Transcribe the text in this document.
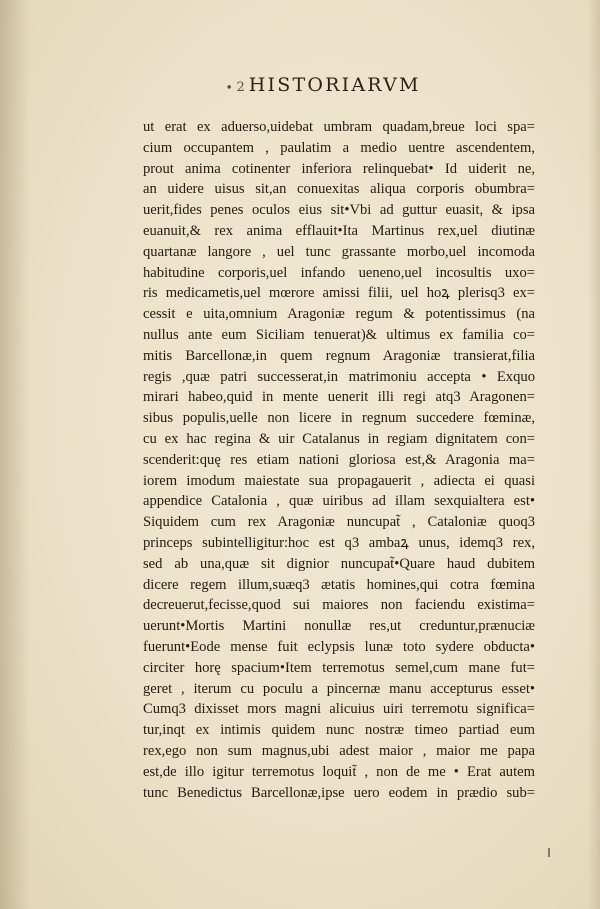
∙ 2 HISTORIARVM
ut erat ex aduerso,uidebat umbram quadam,breue loci spa=
cium occupantem , paulatim a medio uentre ascendentem,
prout anima cotinenter inferiora relinquebat• Id uiderit ne,
an uidere uisus sit,an conuexitas aliqua corporis obumbra=
uerit,fides penes oculos eius sit•Vbi ad guttur euasit, & ipsa
euanuit,& rex anima efflauit•Ita Martinus rex,uel diutinæ
quartanæ langore , uel tunc grassante morbo,uel incomoda
habitudine corporis,uel infando ueneno,uel incosultis uxo=
ris medicametis,uel mœrore amissi filii, uel hoꝝ plerisq3 ex=
cessit e uita,omnium Aragoniæ regum & potentissimus (na
nullus ante eum Siciliam tenuerat)& ultimus ex familia co=
mitis Barcellonæ,in quem regnum Aragoniæ transierat,filia
regis ,quæ patri successerat,in matrimoniu accepta • Exquo
mirari habeo,quid in mente uenerit illi regi atq3 Aragonen=
sibus populis,uelle non licere in regnum succedere fœminæ,
cu ex hac regina & uir Catalanus in regiam dignitatem con=
scenderit:quę res etiam nationi gloriosa est,& Aragonia ma=
iorem imodum maiestate sua propagauerit , adiecta ei quasi
appendice Catalonia , quæ uiribus ad illam sexquialtera est•
Siquidem cum rex Aragoniæ nuncupat̃ , Cataloniæ quoq3
princeps subintelligitur:hoc est q3 ambaꝝ unus, idemq3 rex,
sed ab una,quæ sit dignior nuncupat̃•Quare haud dubitem
dicere regem illum,suæq3 ætatis homines,qui cotra fœmina
decreuerut,fecisse,quod sui maiores non faciendu existima=
uerunt•Mortis Martini nonullæ res,ut creduntur,prænuciæ
fuerunt•Eode mense fuit eclypsis lunæ toto sydere obducta•
circiter horę spacium•Item terremotus semel,cum mane fut=
geret , iterum cu poculu a pincernæ manu accepturus esset•
Cumq3 dixisset mors magni alicuius uiri terremotu significa=
tur,inqt ex intimis quidem nunc nostræ timeo partiad eum
rex,ego non sum magnus,ubi adest maior , maior me papa
est,de illo igitur terremotus loquit̃ , non de me • Erat autem
tunc Benedictus Barcellonæ,ipse uero eodem in prædio sub=
